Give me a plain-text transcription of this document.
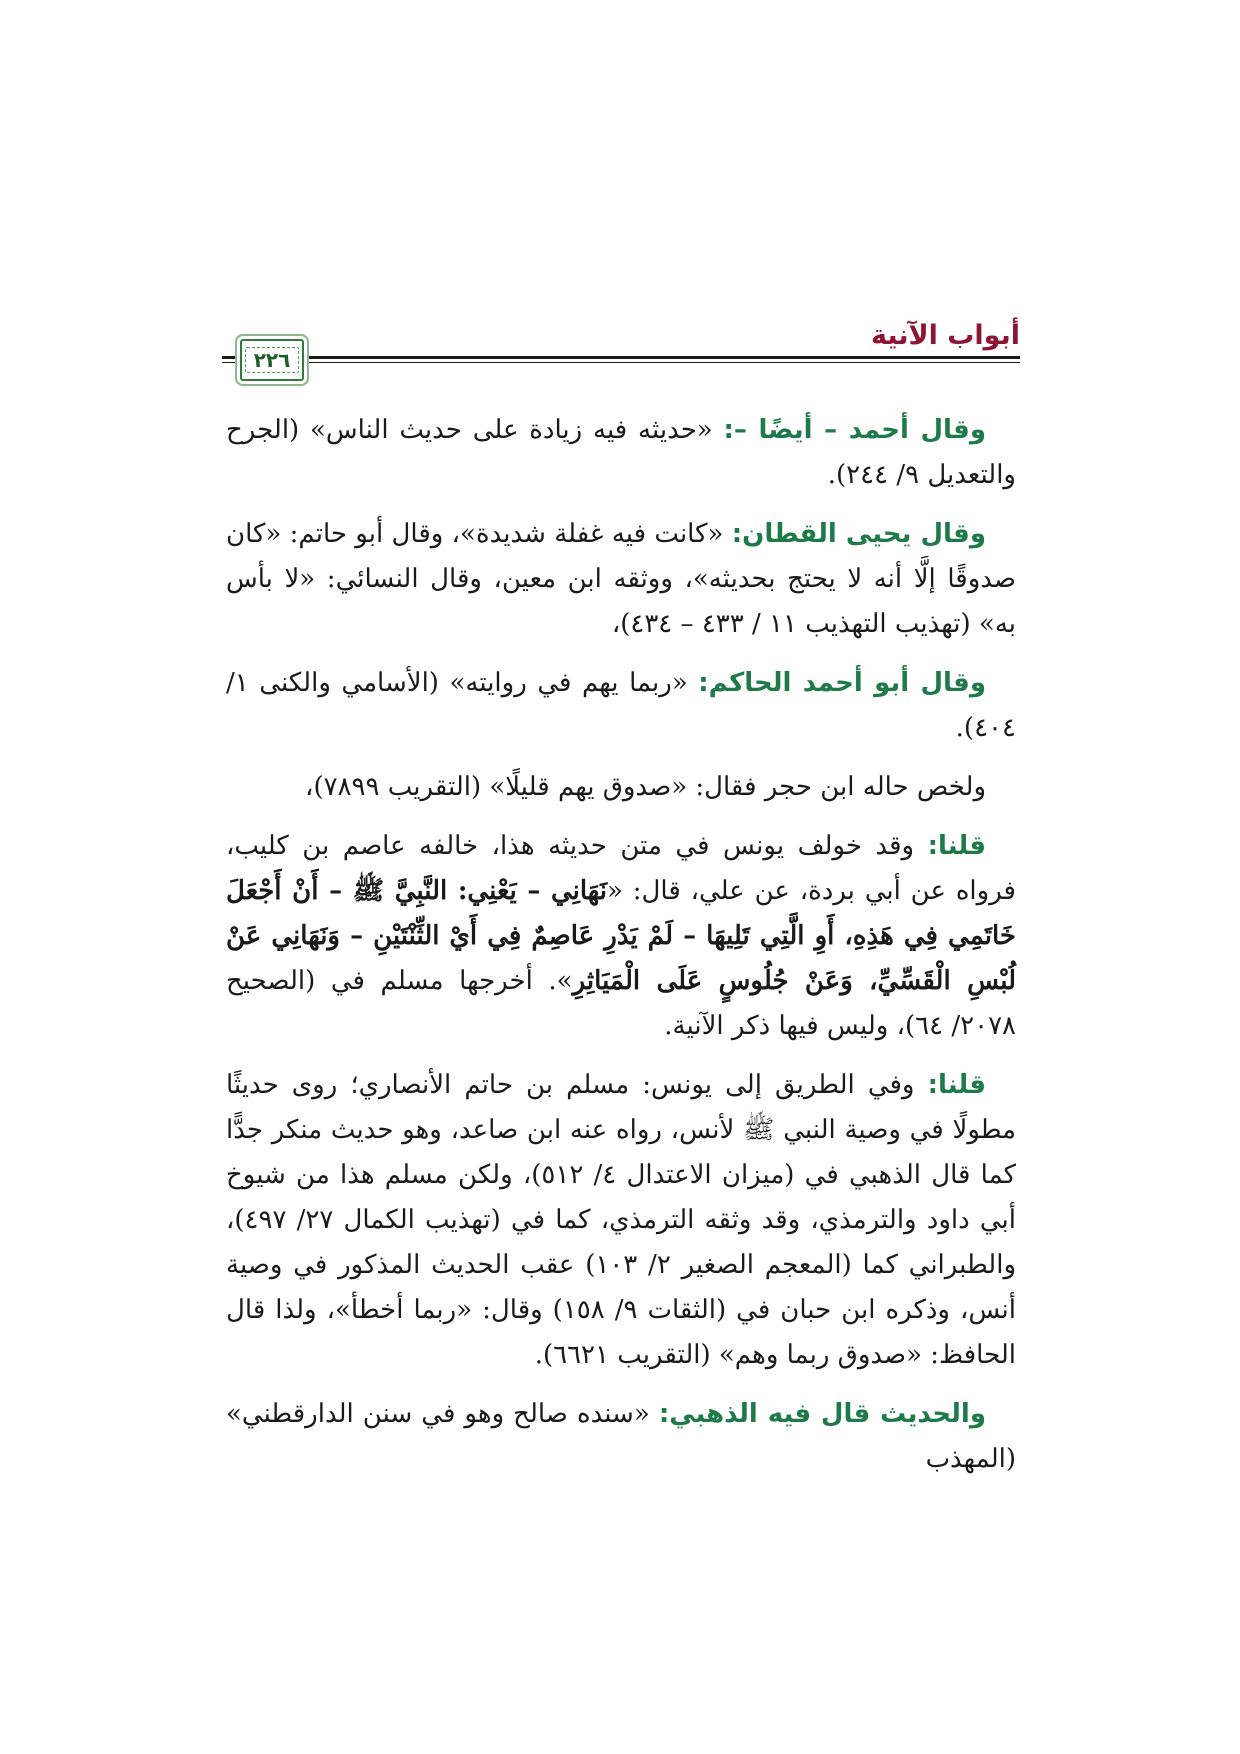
أبواب الآنية
٢٢٦

وقال أحمد – أيضًا –: «حديثه فيه زيادة على حديث الناس» (الجرح والتعديل ٩/ ٢٤٤).

وقال يحيى القطان: «كانت فيه غفلة شديدة»، وقال أبو حاتم: «كان صدوقًا إلَّا أنه لا يحتج بحديثه»، ووثقه ابن معين، وقال النسائي: «لا بأس به» (تهذيب التهذيب ١١ / ٤٣٣ – ٤٣٤)،

وقال أبو أحمد الحاكم: «ربما يهم في روايته» (الأسامي والكنى ١/ ٤٠٤).

ولخص حاله ابن حجر فقال: «صدوق يهم قليلًا» (التقريب ٧٨٩٩)،

قلنا: وقد خولف يونس في متن حديثه هذا، خالفه عاصم بن كليب، فرواه عن أبي بردة، عن علي، قال: «نَهَانِي – يَعْنِي: النَّبِيَّ ﷺ – أَنْ أَجْعَلَ خَاتَمِي فِي هَذِهِ، أَوِ الَّتِي تَلِيهَا – لَمْ يَدْرِ عَاصِمٌ فِي أَيْ الثِّنْتَيْنِ – وَنَهَانِي عَنْ لُبْسِ الْقَسِّيِّ، وَعَنْ جُلُوسٍ عَلَى الْمَيَاثِرِ». أخرجها مسلم في (الصحيح ٢٠٧٨/ ٦٤)، وليس فيها ذكر الآنية.

قلنا: وفي الطريق إلى يونس: مسلم بن حاتم الأنصاري؛ روى حديثًا مطولًا في وصية النبي ﷺ لأنس، رواه عنه ابن صاعد، وهو حديث منكر جدًّا كما قال الذهبي في (ميزان الاعتدال ٤/ ٥١٢)، ولكن مسلم هذا من شيوخ أبي داود والترمذي، وقد وثقه الترمذي، كما في (تهذيب الكمال ٢٧/ ٤٩٧)، والطبراني كما (المعجم الصغير ٢/ ١٠٣) عقب الحديث المذكور في وصية أنس، وذكره ابن حبان في (الثقات ٩/ ١٥٨) وقال: «ربما أخطأ»، ولذا قال الحافظ: «صدوق ربما وهم» (التقريب ٦٦٢١).

والحديث قال فيه الذهبي: «سنده صالح وهو في سنن الدارقطني» (المهذب
